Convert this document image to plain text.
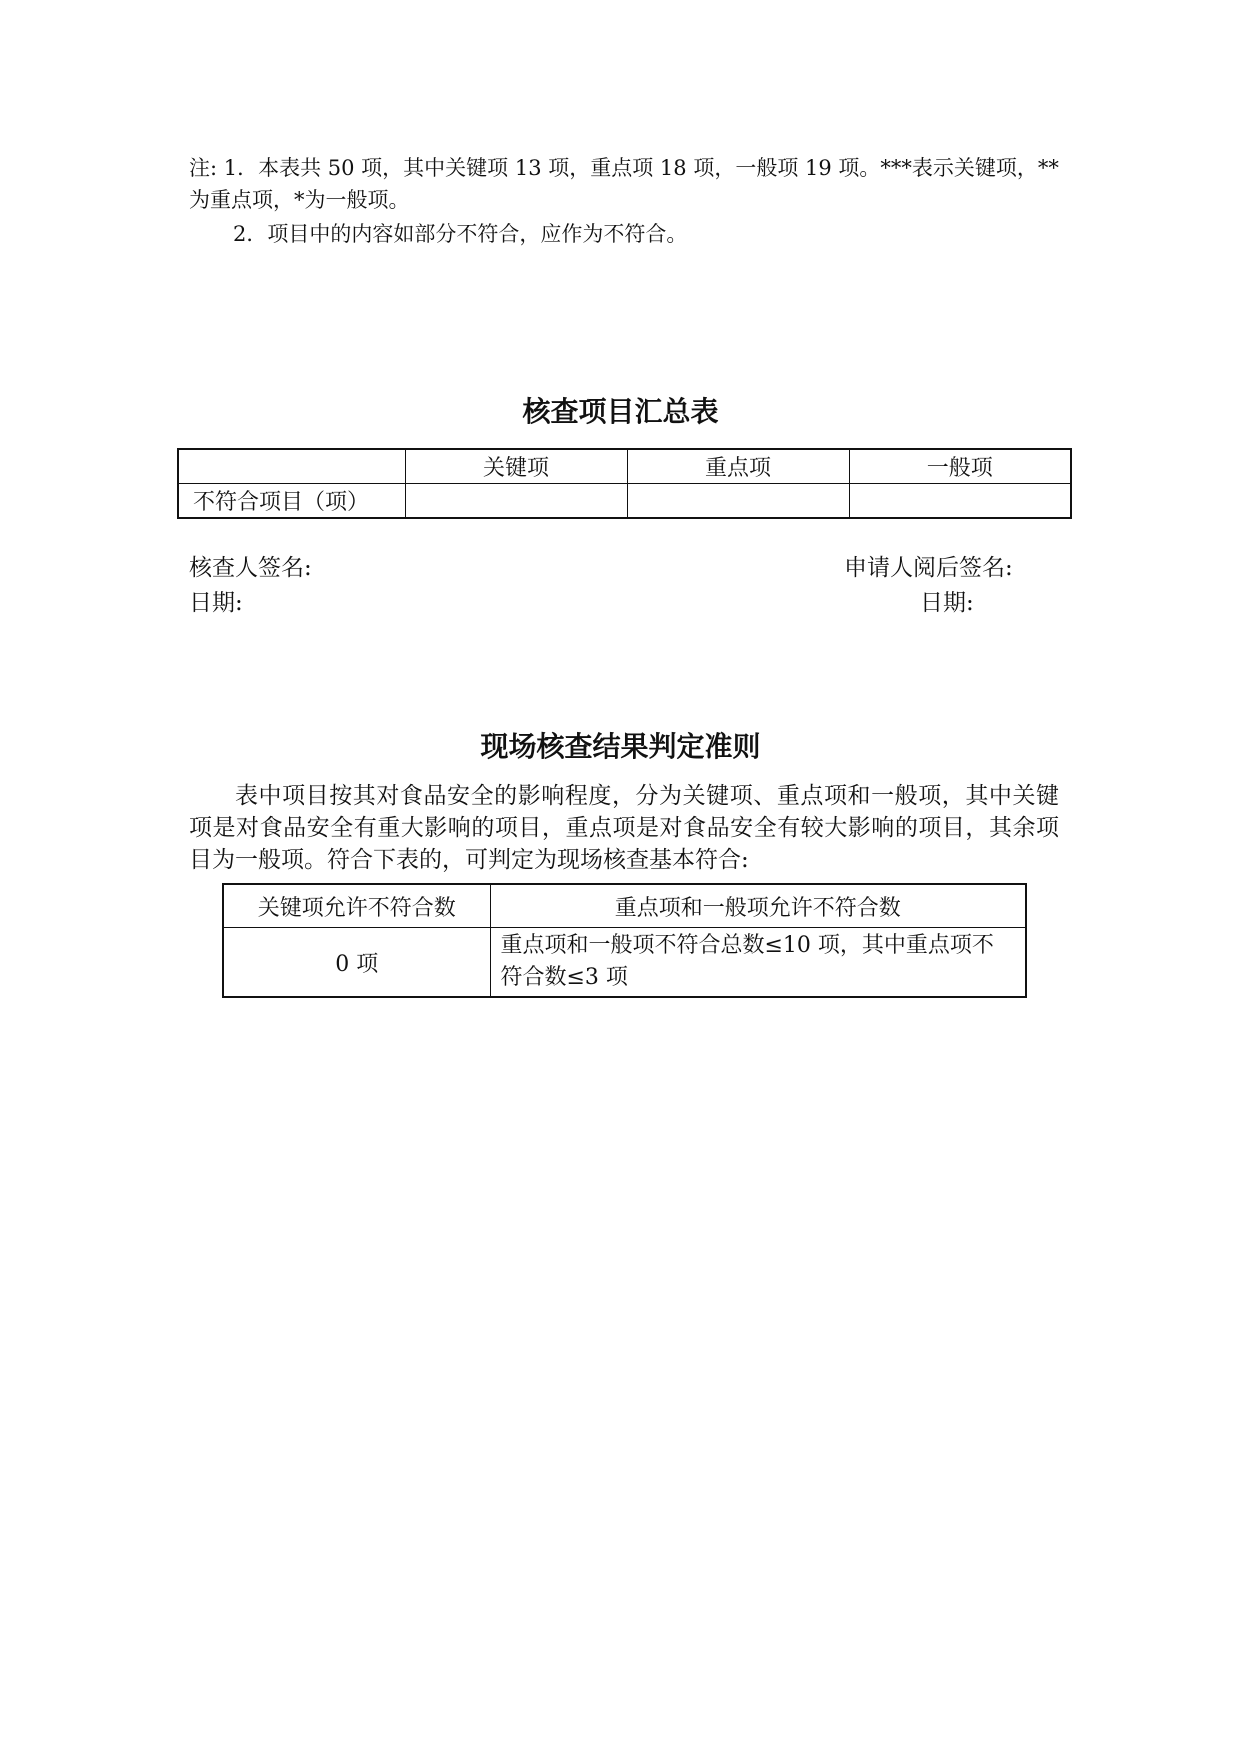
注: 1．本表共 50 项，其中关键项 13 项，重点项 18 项，一般项 19 项。***表示关键项，**
为重点项，*为一般项。
2．项目中的内容如部分不符合，应作为不符合。
核查项目汇总表
	关键项	重点项	一般项
不符合项目（项）			
核查人签名:
日期:
申请人阅后签名:
日期:
现场核查结果判定准则
表中项目按其对食品安全的影响程度，分为关键项、重点项和一般项，其中关键项是对食品安全有重大影响的项目，重点项是对食品安全有较大影响的项目，其余项目为一般项。符合下表的，可判定为现场核查基本符合:
关键项允许不符合数	重点项和一般项允许不符合数
0 项	重点项和一般项不符合总数≤10 项，其中重点项不符合数≤3 项
